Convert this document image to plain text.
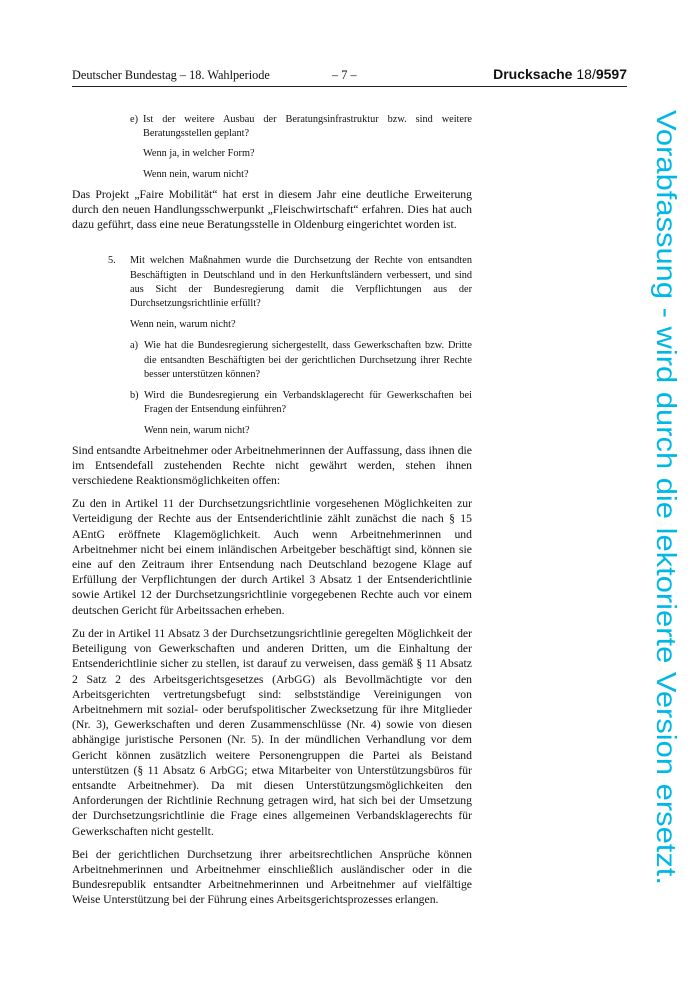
Deutscher Bundestag – 18. Wahlperiode	– 7 –	Drucksache 18/9597
e) Ist der weitere Ausbau der Beratungsinfrastruktur bzw. sind weitere Beratungsstellen geplant?

Wenn ja, in welcher Form?

Wenn nein, warum nicht?

Das Projekt „Faire Mobilität“ hat erst in diesem Jahr eine deutliche Erweiterung durch den neuen Handlungsschwerpunkt „Fleischwirtschaft“ erfahren. Dies hat auch dazu geführt, dass eine neue Beratungsstelle in Oldenburg eingerichtet worden ist.

5.	Mit welchen Maßnahmen wurde die Durchsetzung der Rechte von entsandten Beschäftigten in Deutschland und in den Herkunftsländern verbessert, und sind aus Sicht der Bundesregierung damit die Verpflichtungen aus der Durchsetzungsrichtlinie erfüllt?

Wenn nein, warum nicht?

a) Wie hat die Bundesregierung sichergestellt, dass Gewerkschaften bzw. Dritte die entsandten Beschäftigten bei der gerichtlichen Durchsetzung ihrer Rechte besser unterstützen können?
b) Wird die Bundesregierung ein Verbandsklagerecht für Gewerkschaften bei Fragen der Entsendung einführen?

Wenn nein, warum nicht?

Sind entsandte Arbeitnehmer oder Arbeitnehmerinnen der Auffassung, dass ihnen die im Entsendefall zustehenden Rechte nicht gewährt werden, stehen ihnen verschiedene Reaktionsmöglichkeiten offen:

Zu den in Artikel 11 der Durchsetzungsrichtlinie vorgesehenen Möglichkeiten zur Verteidigung der Rechte aus der Entsenderichtlinie zählt zunächst die nach § 15 AEntG eröffnete Klagemöglichkeit. Auch wenn Arbeitnehmerinnen und Arbeitnehmer nicht bei einem inländischen Arbeitgeber beschäftigt sind, können sie eine auf den Zeitraum ihrer Entsendung nach Deutschland bezogene Klage auf Erfüllung der Verpflichtungen der durch Artikel 3 Absatz 1 der Entsenderichtlinie sowie Artikel 12 der Durchsetzungsrichtlinie vorgegebenen Rechte auch vor einem deutschen Gericht für Arbeitssachen erheben.

Zu der in Artikel 11 Absatz 3 der Durchsetzungsrichtlinie geregelten Möglichkeit der Beteiligung von Gewerkschaften und anderen Dritten, um die Einhaltung der Entsenderichtlinie sicher zu stellen, ist darauf zu verweisen, dass gemäß § 11 Absatz 2 Satz 2 des Arbeitsgerichtsgesetzes (ArbGG) als Bevollmächtigte vor den Arbeitsgerichten vertretungsbefugt sind: selbstständige Vereinigungen von Arbeitnehmern mit sozial- oder berufspolitischer Zwecksetzung für ihre Mitglieder (Nr. 3), Gewerkschaften und deren Zusammenschlüsse (Nr. 4) sowie von diesen abhängige juristische Personen (Nr. 5). In der mündlichen Verhandlung vor dem Gericht können zusätzlich weitere Personengruppen die Partei als Beistand unterstützen (§ 11 Absatz 6 ArbGG; etwa Mitarbeiter von Unterstützungsbüros für entsandte Arbeitnehmer). Da mit diesen Unterstützungsmöglichkeiten den Anforderungen der Richtlinie Rechnung getragen wird, hat sich bei der Umsetzung der Durchsetzungsrichtlinie die Frage eines allgemeinen Verbandsklagerechts für Gewerkschaften nicht gestellt.

Bei der gerichtlichen Durchsetzung ihrer arbeitsrechtlichen Ansprüche können Arbeitnehmerinnen und Arbeitnehmer einschließlich ausländischer oder in die Bundesrepublik entsandter Arbeitnehmerinnen und Arbeitnehmer auf vielfältige Weise Unterstützung bei der Führung eines Arbeitsgerichtsprozesses erlangen.

Vorabfassung - wird durch die lektorierte Version ersetzt.
